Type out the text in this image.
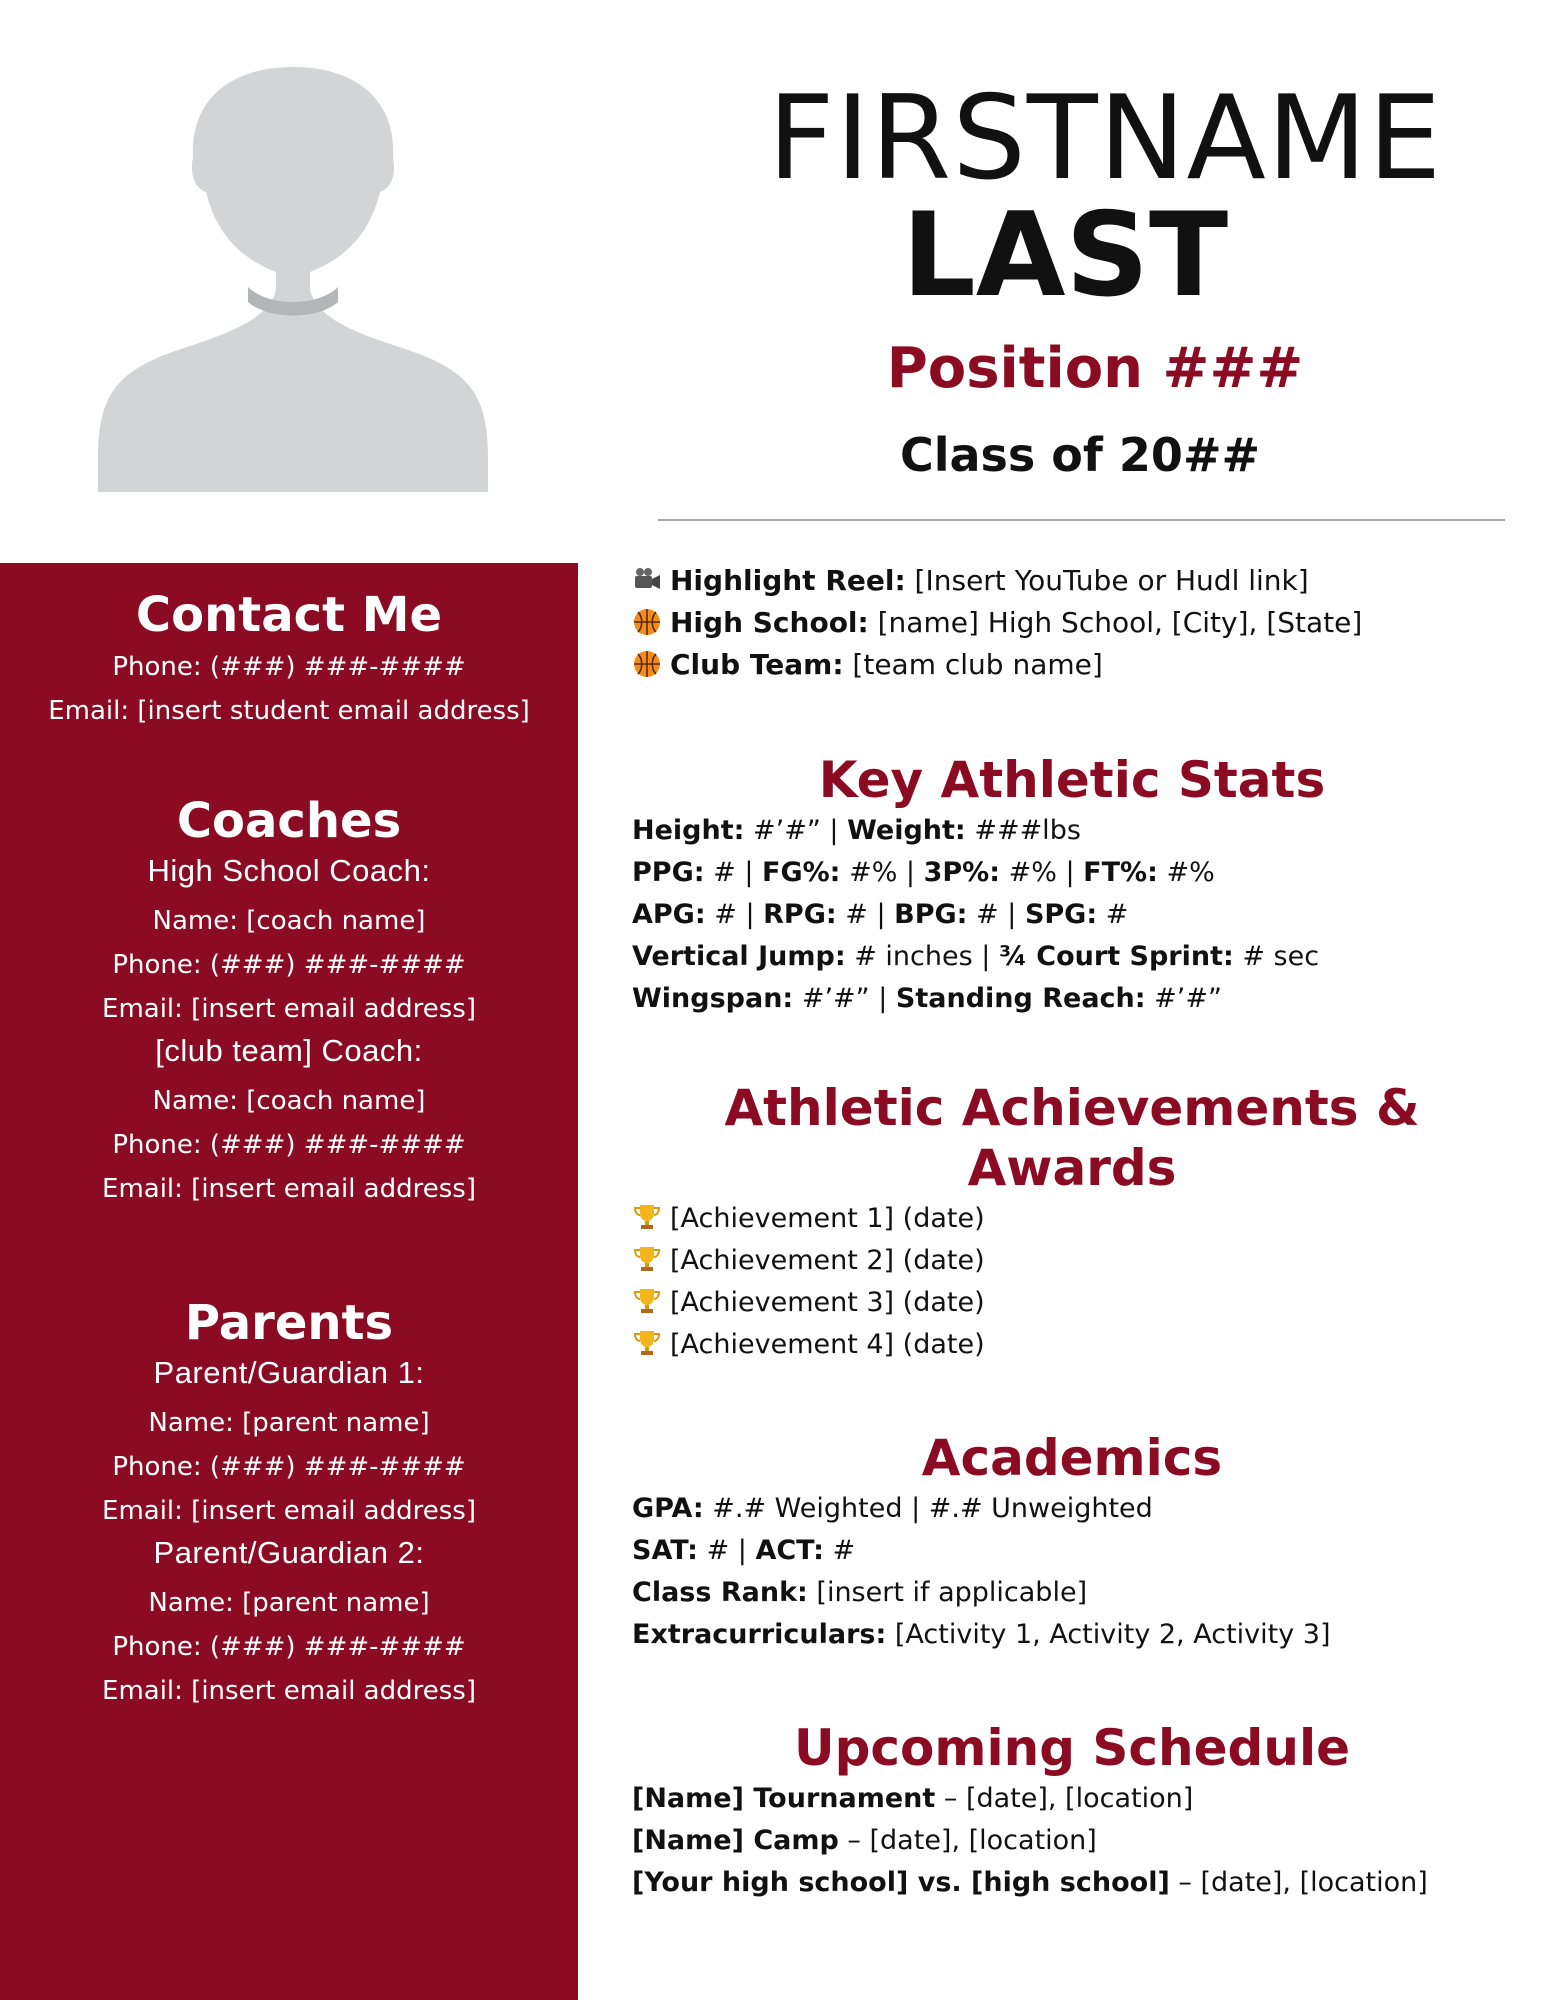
FIRSTNAME
LAST
Position ###
Class of 20##
Contact Me
Phone: (###) ###-####
Email: [insert student email address]
Coaches
High School Coach:
Name: [coach name]
Phone: (###) ###-####
Email: [insert email address]
[club team] Coach:
Name: [coach name]
Phone: (###) ###-####
Email: [insert email address]
Parents
Parent/Guardian 1:
Name: [parent name]
Phone: (###) ###-####
Email: [insert email address]
Parent/Guardian 2:
Name: [parent name]
Phone: (###) ###-####
Email: [insert email address]
Highlight Reel: [Insert YouTube or Hudl link]
High School: [name] High School, [City], [State]
Club Team: [team club name]
Key Athletic Stats
Height: #’#” | Weight: ###lbs
PPG: # | FG%: #% | 3P%: #% | FT%: #%
APG: # | RPG: # | BPG: # | SPG: #
Vertical Jump: # inches | ¾ Court Sprint: # sec
Wingspan: #’#” | Standing Reach: #’#”
Athletic Achievements & Awards
[Achievement 1] (date)
[Achievement 2] (date)
[Achievement 3] (date)
[Achievement 4] (date)
Academics
GPA: #.# Weighted | #.# Unweighted
SAT: # | ACT: #
Class Rank: [insert if applicable]
Extracurriculars: [Activity 1, Activity 2, Activity 3]
Upcoming Schedule
[Name] Tournament – [date], [location]
[Name] Camp – [date], [location]
[Your high school] vs. [high school] – [date], [location]
